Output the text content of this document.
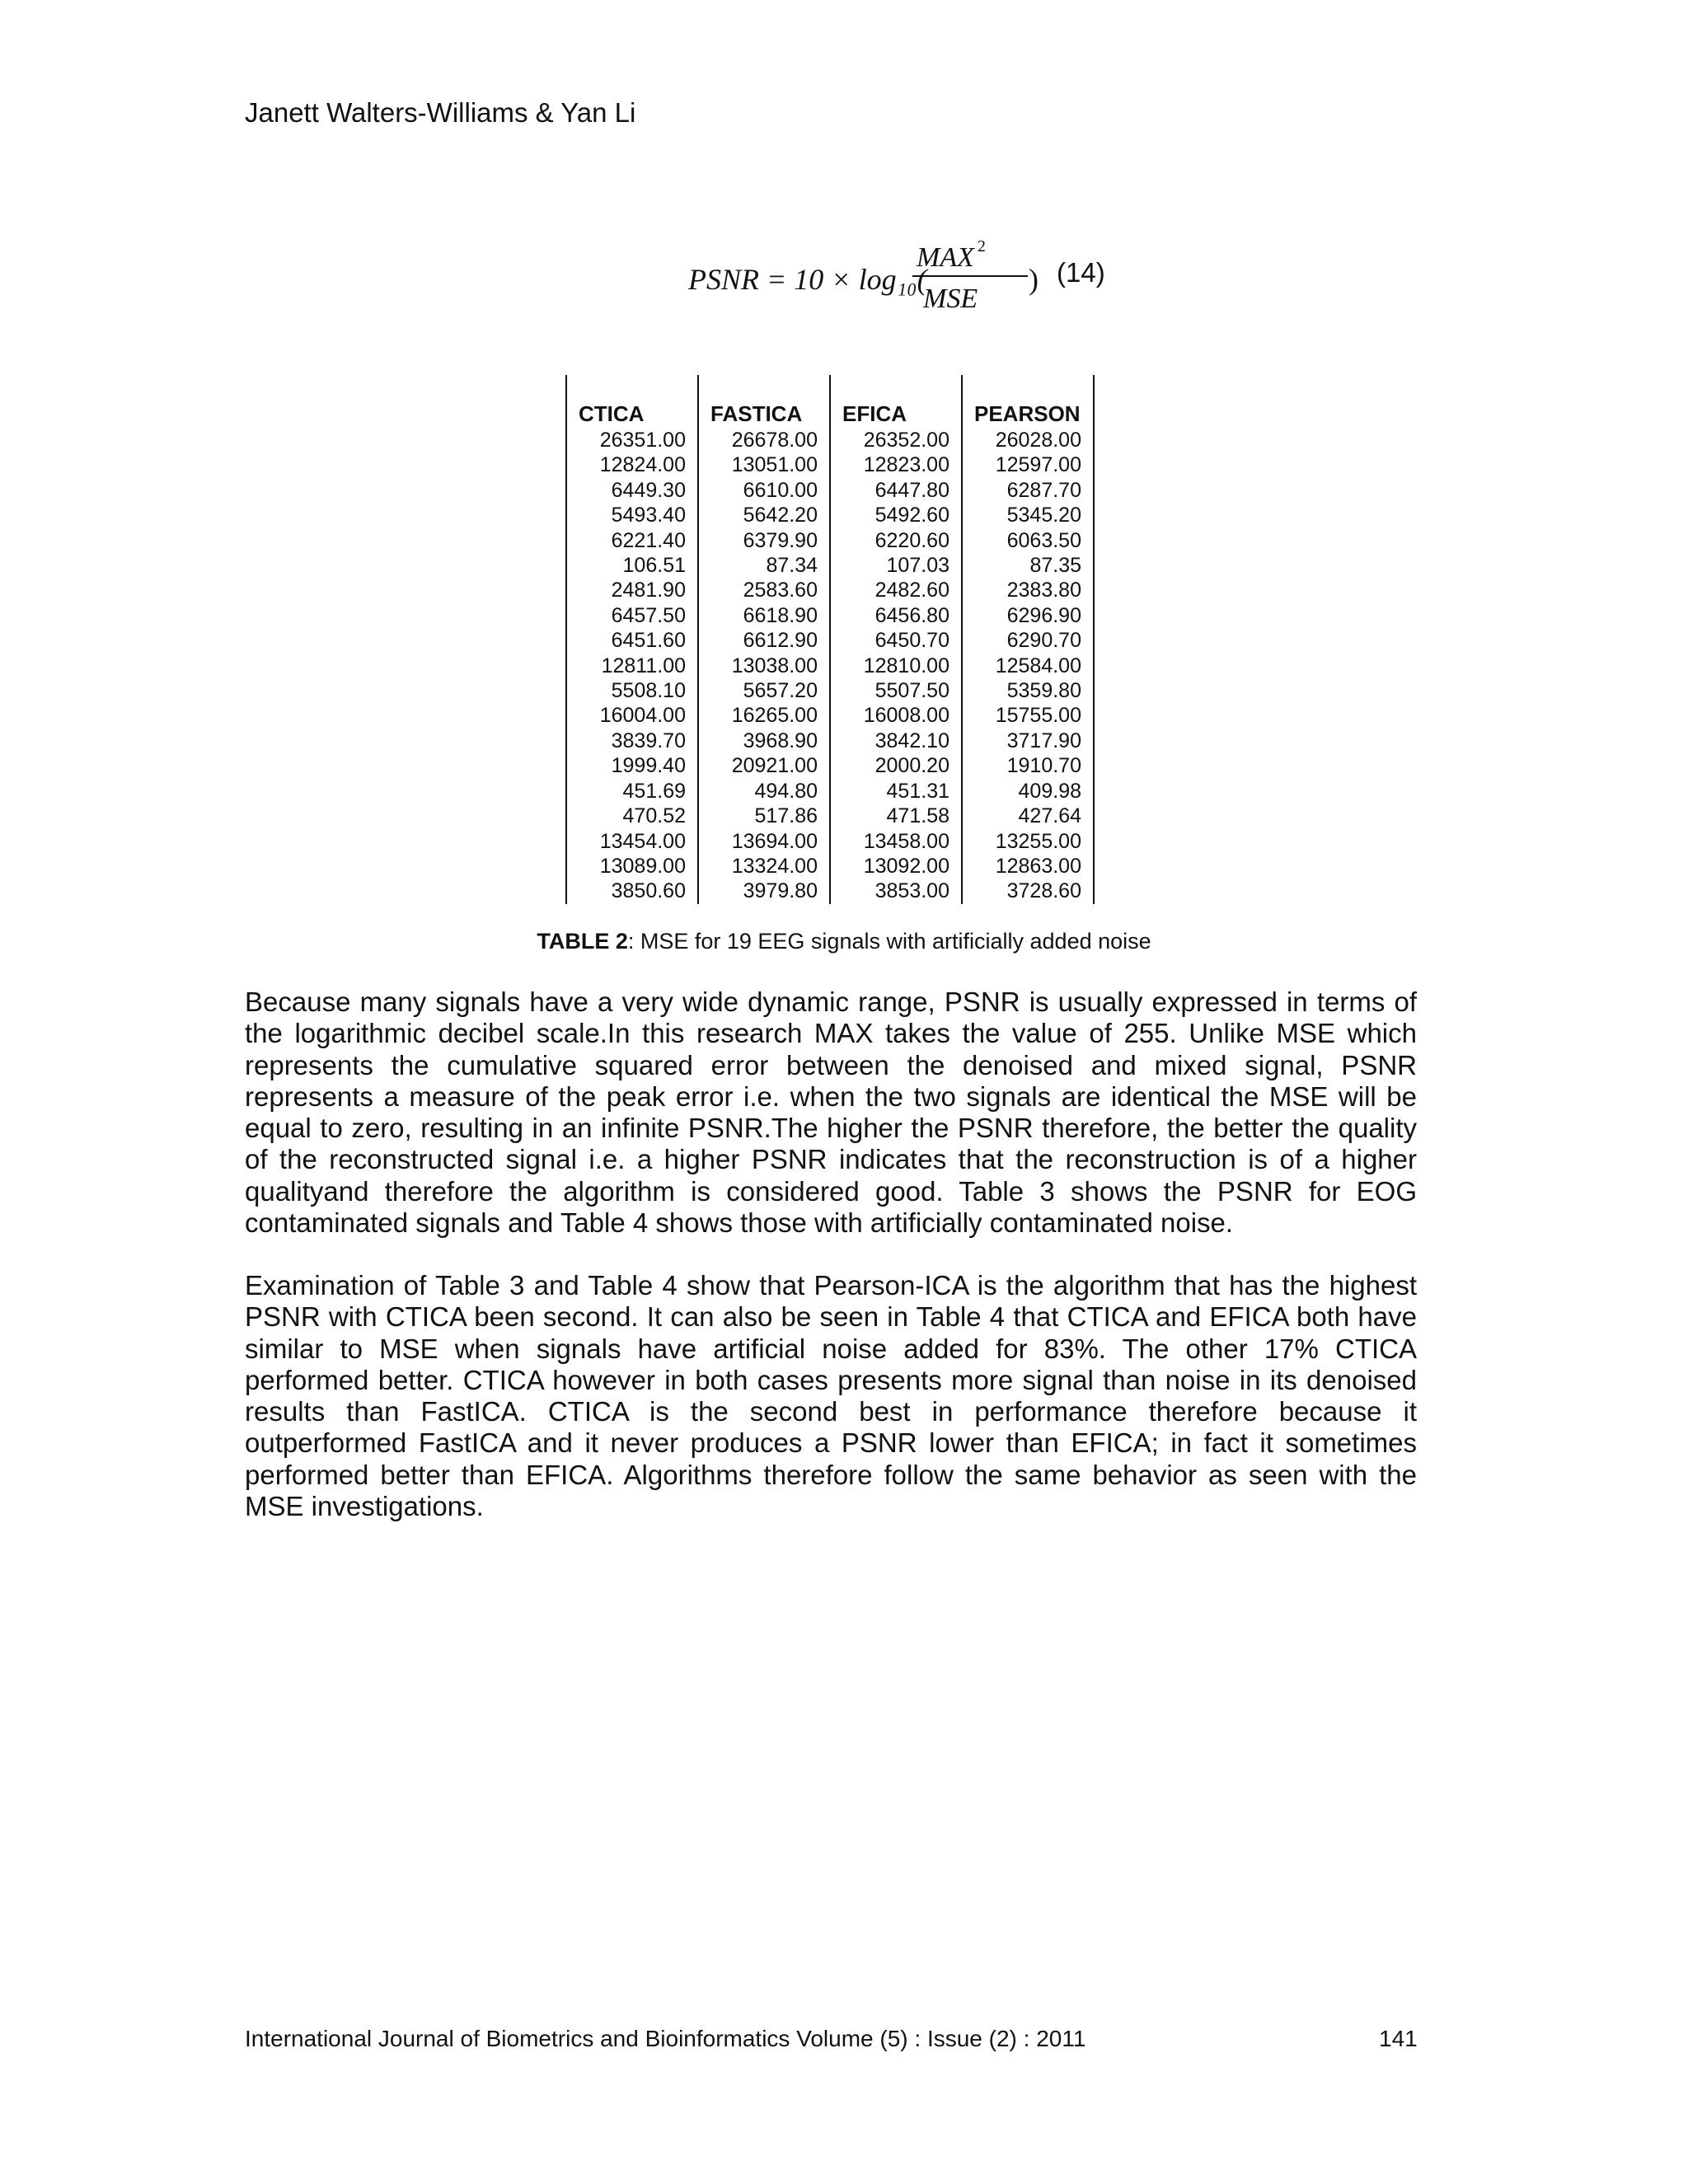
Janett Walters-Williams & Yan Li
PSNR = 10 × log₁₀(
MAX $^2$
MSE
) (14)
CTICA	FASTICA	EFICA	PEARSON
26351.00	26678.00	26352.00	26028.00
12824.00	13051.00	12823.00	12597.00
6449.30	6610.00	6447.80	6287.70
5493.40	5642.20	5492.60	5345.20
6221.40	6379.90	6220.60	6063.50
106.51	87.34	107.03	87.35
2481.90	2583.60	2482.60	2383.80
6457.50	6618.90	6456.80	6296.90
6451.60	6612.90	6450.70	6290.70
12811.00	13038.00	12810.00	12584.00
5508.10	5657.20	5507.50	5359.80
16004.00	16265.00	16008.00	15755.00
3839.70	3968.90	3842.10	3717.90
1999.40	20921.00	2000.20	1910.70
451.69	494.80	451.31	409.98
470.52	517.86	471.58	427.64
13454.00	13694.00	13458.00	13255.00
13089.00	13324.00	13092.00	12863.00
3850.60	3979.80	3853.00	3728.60
TABLE 2: MSE for 19 EEG signals with artificially added noise

Because many signals have a very wide dynamic range, PSNR is usually expressed in terms of the logarithmic decibel scale.In this research MAX takes the value of 255. Unlike MSE which represents the cumulative squared error between the denoised and mixed signal, PSNR represents a measure of the peak error i.e. when the two signals are identical the MSE will be equal to zero, resulting in an infinite PSNR.The higher the PSNR therefore, the better the quality of the reconstructed signal i.e. a higher PSNR indicates that the reconstruction is of a higher qualityand therefore the algorithm is considered good. Table 3 shows the PSNR for EOG contaminated signals and Table 4 shows those with artificially contaminated noise.

Examination of Table 3 and Table 4 show that Pearson-ICA is the algorithm that has the highest PSNR with CTICA been second. It can also be seen in Table 4 that CTICA and EFICA both have similar to MSE when signals have artificial noise added for 83%. The other 17% CTICA performed better. CTICA however in both cases presents more signal than noise in its denoised results than FastICA. CTICA is the second best in performance therefore because it outperformed FastICA and it never produces a PSNR lower than EFICA; in fact it sometimes performed better than EFICA. Algorithms therefore follow the same behavior as seen with the MSE investigations.

International Journal of Biometrics and Bioinformatics Volume (5) : Issue (2) : 2011	141
